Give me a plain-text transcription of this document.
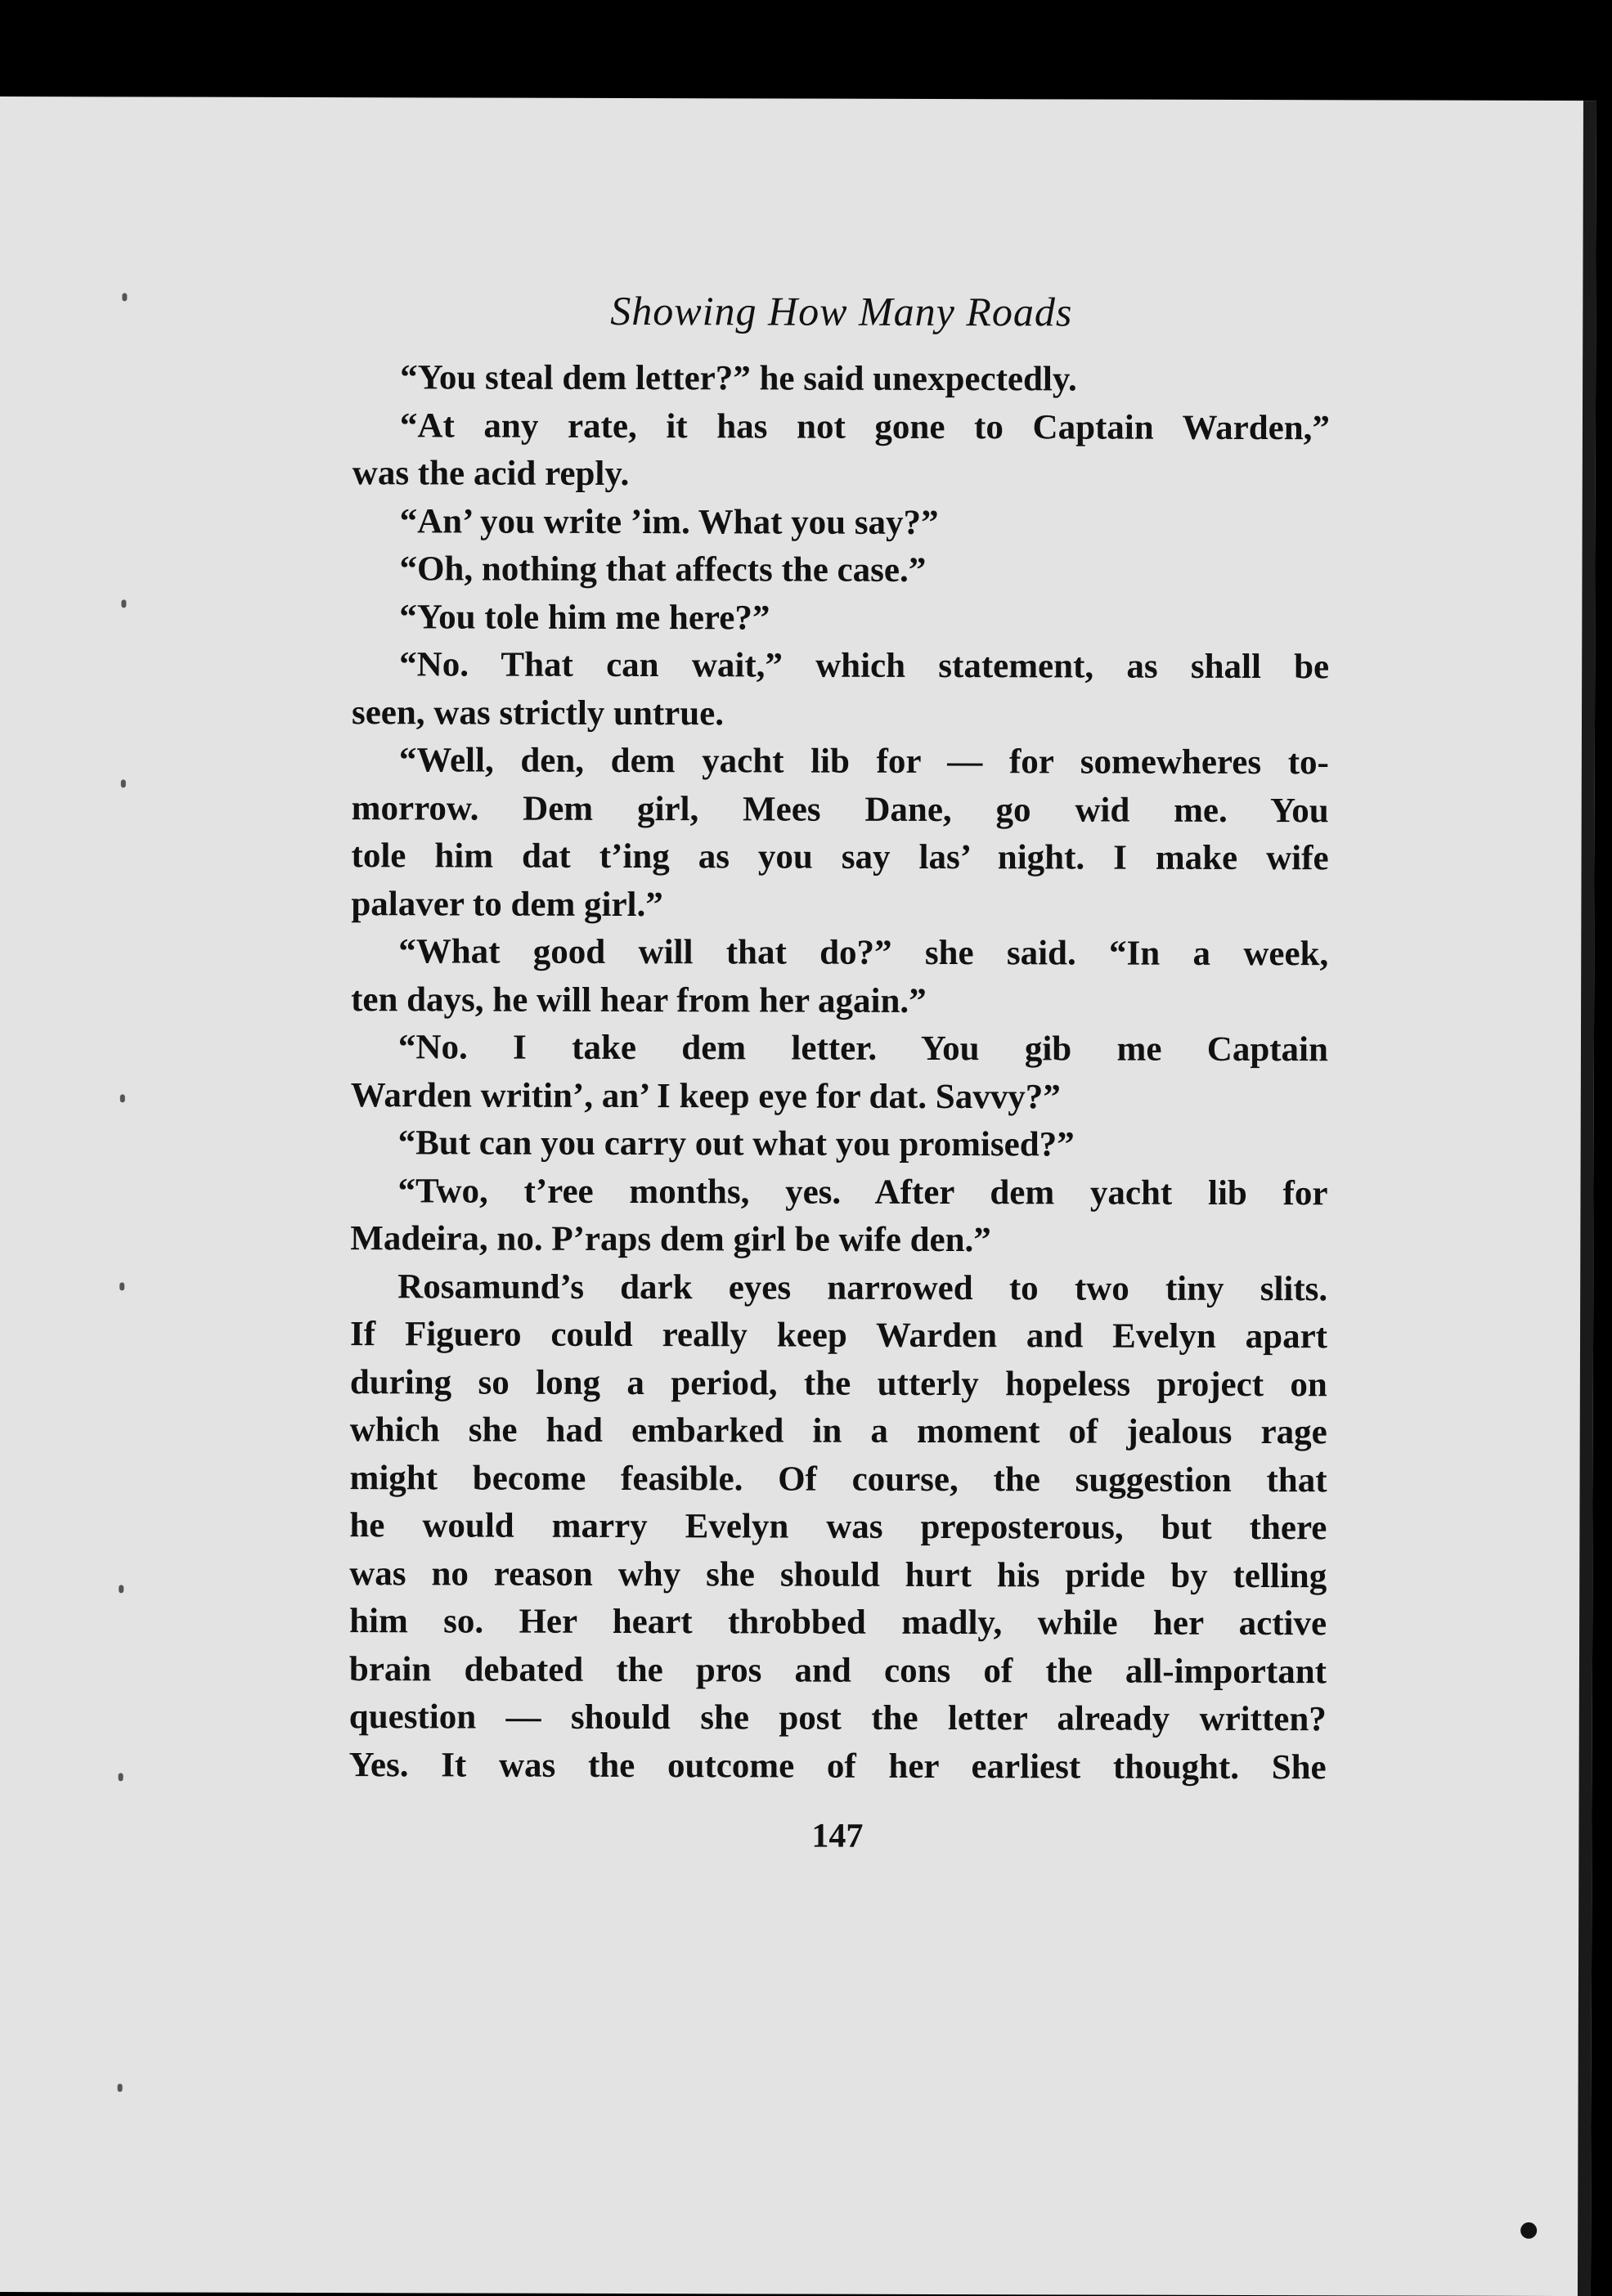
Showing How Many Roads
“You steal dem letter?” he said unexpectedly.
“At any rate, it has not gone to Captain Warden,”
was the acid reply.
“An’ you write ’im. What you say?”
“Oh, nothing that affects the case.”
“You tole him me here?”
“No. That can wait,” which statement, as shall be
seen, was strictly untrue.
“Well, den, dem yacht lib for — for somewheres to-
morrow. Dem girl, Mees Dane, go wid me. You
tole him dat t’ing as you say las’ night. I make wife
palaver to dem girl.”
“What good will that do?” she said. “In a week,
ten days, he will hear from her again.”
“No. I take dem letter. You gib me Captain
Warden writin’, an’ I keep eye for dat. Savvy?”
“But can you carry out what you promised?”
“Two, t’ree months, yes. After dem yacht lib for
Madeira, no. P’raps dem girl be wife den.”
Rosamund’s dark eyes narrowed to two tiny slits.
If Figuero could really keep Warden and Evelyn apart
during so long a period, the utterly hopeless project on
which she had embarked in a moment of jealous rage
might become feasible. Of course, the suggestion that
he would marry Evelyn was preposterous, but there
was no reason why she should hurt his pride by telling
him so. Her heart throbbed madly, while her active
brain debated the pros and cons of the all-important
question — should she post the letter already written?
Yes. It was the outcome of her earliest thought. She
147
